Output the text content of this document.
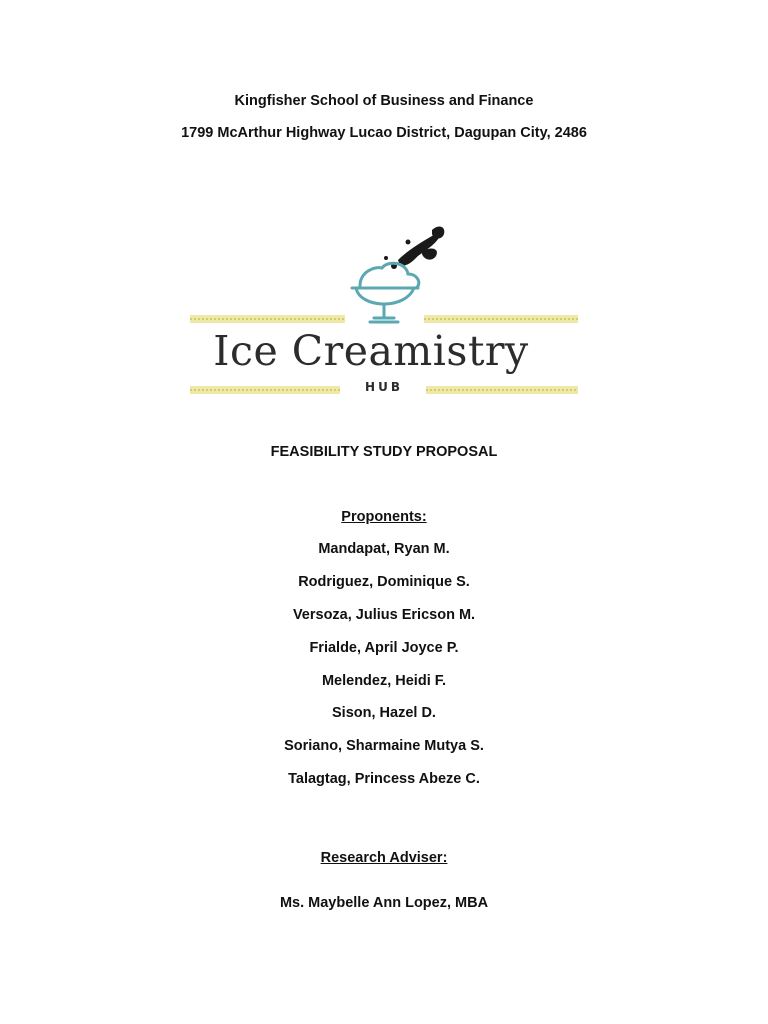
Kingfisher School of Business and Finance
1799 McArthur Highway Lucao District, Dagupan City, 2486
Ice Creamistry
HUB
FEASIBILITY STUDY PROPOSAL
Proponents:
Mandapat, Ryan M.
Rodriguez, Dominique S.
Versoza, Julius Ericson M.
Frialde, April Joyce P.
Melendez, Heidi F.
Sison, Hazel D.
Soriano, Sharmaine Mutya S.
Talagtag, Princess Abeze C.
Research Adviser:
Ms. Maybelle Ann Lopez, MBA
